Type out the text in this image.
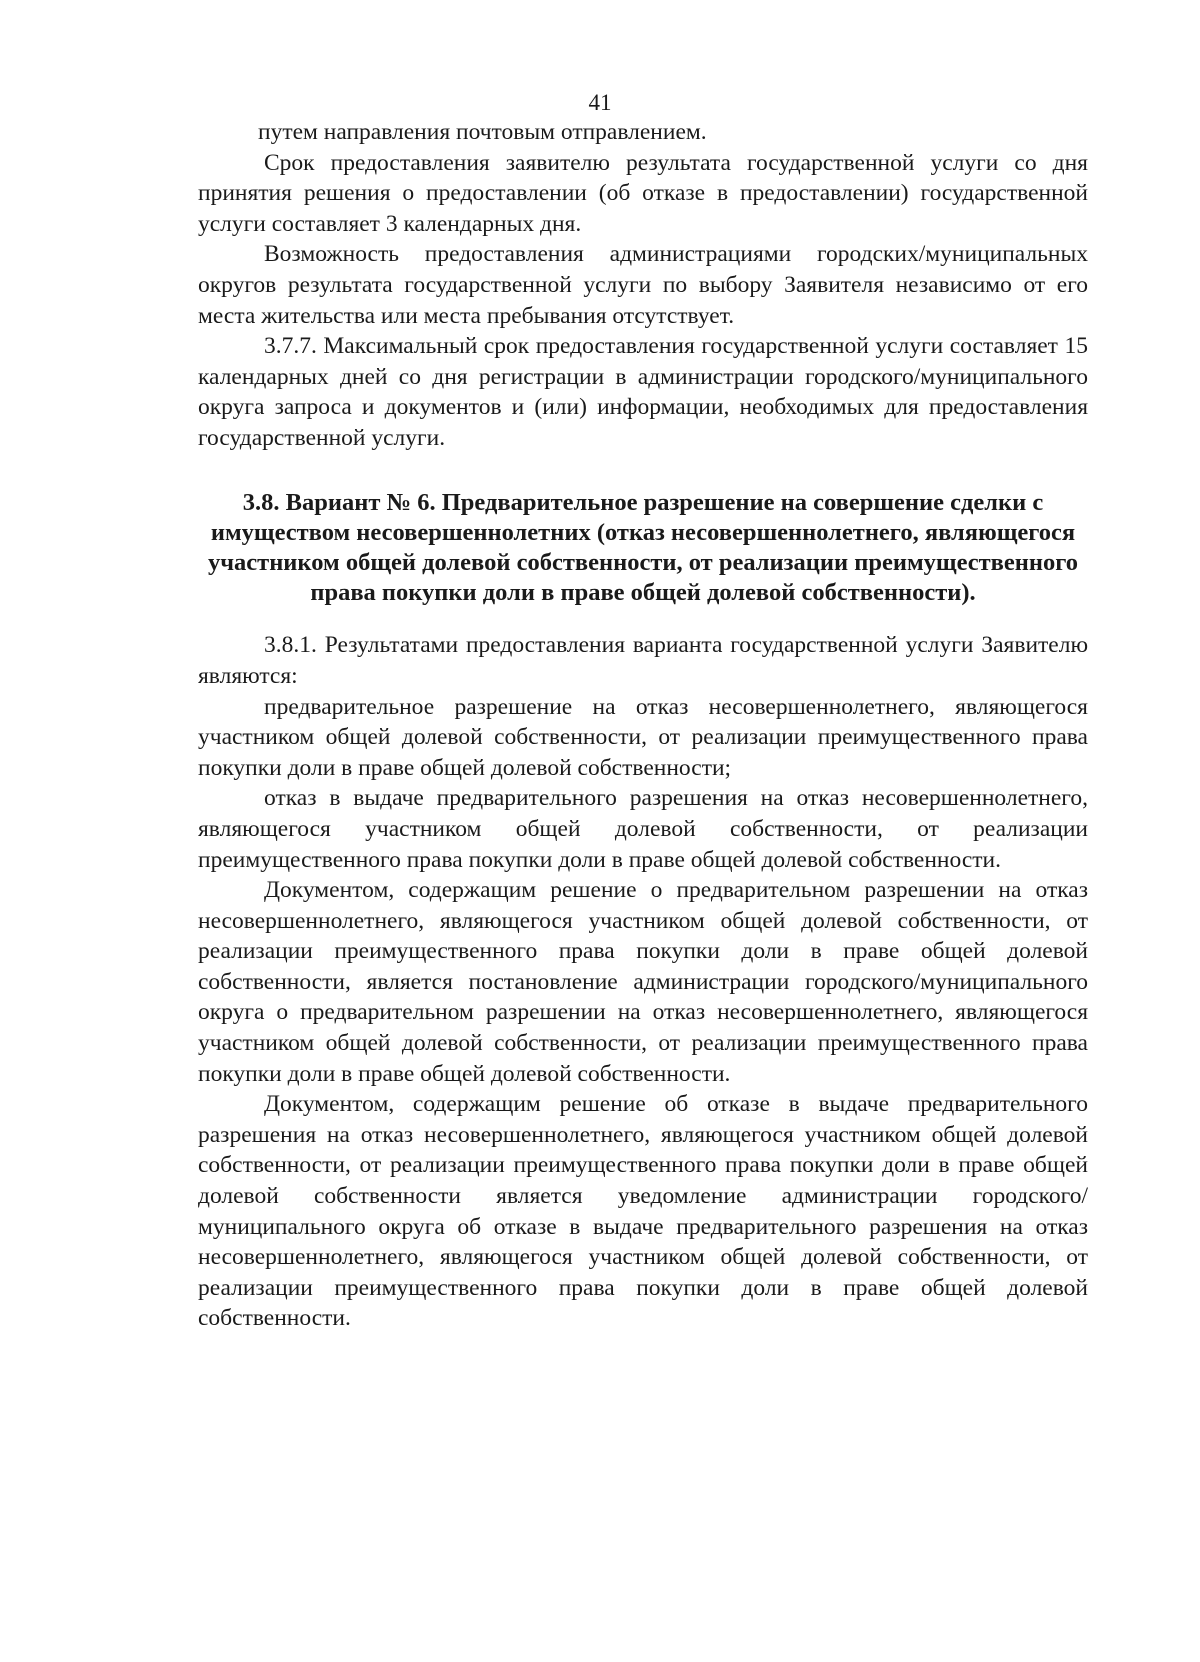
41

путем направления почтовым отправлением.

Срок предоставления заявителю результата государственной услуги со дня принятия решения о предоставлении (об отказе в предоставлении) государственной услуги составляет 3 календарных дня.

Возможность предоставления администрациями городских/муниципальных округов результата государственной услуги по выбору Заявителя независимо от его места жительства или места пребывания отсутствует.

3.7.7. Максимальный срок предоставления государственной услуги составляет 15 календарных дней со дня регистрации в администрации городского/муниципального округа запроса и документов и (или) информации, необходимых для предоставления государственной услуги.

3.8. Вариант № 6. Предварительное разрешение на совершение сделки с имуществом несовершеннолетних (отказ несовершеннолетнего, являющегося участником общей долевой собственности, от реализации преимущественного права покупки доли в праве общей долевой собственности).

3.8.1. Результатами предоставления варианта государственной услуги Заявителю являются:

предварительное разрешение на отказ несовершеннолетнего, являющегося участником общей долевой собственности, от реализации преимущественного права покупки доли в праве общей долевой собственности;

отказ в выдаче предварительного разрешения на отказ несовершеннолетнего, являющегося участником общей долевой собственности, от реализации преимущественного права покупки доли в праве общей долевой собственности.

Документом, содержащим решение о предварительном разрешении на отказ несовершеннолетнего, являющегося участником общей долевой собственности, от реализации преимущественного права покупки доли в праве общей долевой собственности, является постановление администрации городского/муниципального округа о предварительном разрешении на отказ несовершеннолетнего, являющегося участником общей долевой собственности, от реализации преимущественного права покупки доли в праве общей долевой собственности.

Документом, содержащим решение об отказе в выдаче предварительного разрешения на отказ несовершеннолетнего, являющегося участником общей долевой собственности, от реализации преимущественного права покупки доли в праве общей долевой собственности является уведомление администрации городского/муниципального округа об отказе в выдаче предварительного разрешения на отказ несовершеннолетнего, являющегося участником общей долевой собственности, от реализации преимущественного права покупки доли в праве общей долевой собственности.
